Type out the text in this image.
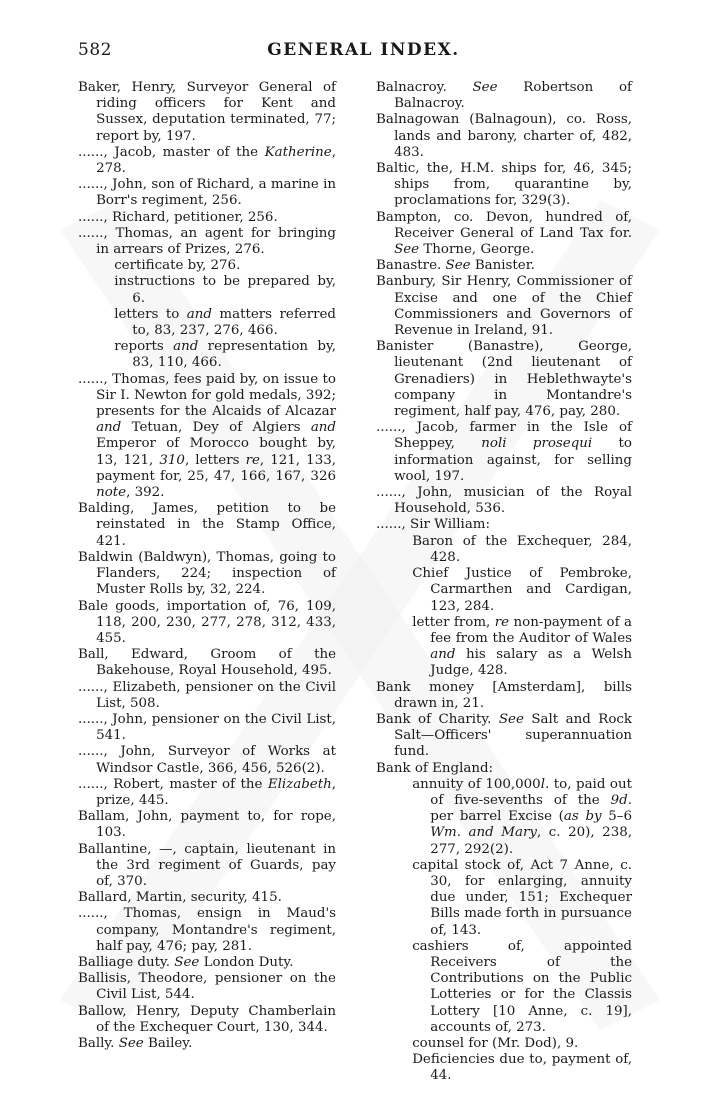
582	GENERAL INDEX.
Baker, Henry, Surveyor General of riding officers for Kent and Sussex, deputation terminated, 77; report by, 197.
......, Jacob, master of the Katherine, 278.
......, John, son of Richard, a marine in Borr's regiment, 256.
......, Richard, petitioner, 256.
......, Thomas, an agent for bringing in arrears of Prizes, 276.
certificate by, 276.
instructions to be prepared by, 6.
letters to and matters referred to, 83, 237, 276, 466.
reports and representation by, 83, 110, 466.
......, Thomas, fees paid by, on issue to Sir I. Newton for gold medals, 392; presents for the Alcaids of Alcazar and Tetuan, Dey of Algiers and Emperor of Morocco bought by, 13, 121, 310, letters re, 121, 133, payment for, 25, 47, 166, 167, 326 note, 392.
Balding, James, petition to be reinstated in the Stamp Office, 421.
Baldwin (Baldwyn), Thomas, going to Flanders, 224; inspection of Muster Rolls by, 32, 224.
Bale goods, importation of, 76, 109, 118, 200, 230, 277, 278, 312, 433, 455.
Ball, Edward, Groom of the Bakehouse, Royal Household, 495.
......, Elizabeth, pensioner on the Civil List, 508.
......, John, pensioner on the Civil List, 541.
......, John, Surveyor of Works at Windsor Castle, 366, 456, 526(2).
......, Robert, master of the Elizabeth, prize, 445.
Ballam, John, payment to, for rope, 103.
Ballantine, —, captain, lieutenant in the 3rd regiment of Guards, pay of, 370.
Ballard, Martin, security, 415.
......, Thomas, ensign in Maud's company, Montandre's regiment, half pay, 476; pay, 281.
Balliage duty. See London Duty.
Ballisis, Theodore, pensioner on the Civil List, 544.
Ballow, Henry, Deputy Chamberlain of the Exchequer Court, 130, 344.
Bally. See Bailey.
Balnacroy. See Robertson of Balnacroy.
Balnagowan (Balnagoun), co. Ross, lands and barony, charter of, 482, 483.
Baltic, the, H.M. ships for, 46, 345; ships from, quarantine by, proclamations for, 329(3).
Bampton, co. Devon, hundred of, Receiver General of Land Tax for. See Thorne, George.
Banastre. See Banister.
Banbury, Sir Henry, Commissioner of Excise and one of the Chief Commissioners and Governors of Revenue in Ireland, 91.
Banister (Banastre), George, lieutenant (2nd lieutenant of Grenadiers) in Heblethwayte's company in Montandre's regiment, half pay, 476, pay, 280.
......, Jacob, farmer in the Isle of Sheppey, noli prosequi to information against, for selling wool, 197.
......, John, musician of the Royal Household, 536.
......, Sir William:
Baron of the Exchequer, 284, 428.
Chief Justice of Pembroke, Carmarthen and Cardigan, 123, 284.
letter from, re non-payment of a fee from the Auditor of Wales and his salary as a Welsh Judge, 428.
Bank money [Amsterdam], bills drawn in, 21.
Bank of Charity. See Salt and Rock Salt—Officers' superannuation fund.
Bank of England:
annuity of 100,000l. to, paid out of five-sevenths of the 9d. per barrel Excise (as by 5–6 Wm. and Mary, c. 20), 238, 277, 292(2).
capital stock of, Act 7 Anne, c. 30, for enlarging, annuity due under, 151; Exchequer Bills made forth in pursuance of, 143.
cashiers of, appointed Receivers of the Contributions on the Public Lotteries or for the Classis Lottery [10 Anne, c. 19], accounts of, 273.
counsel for (Mr. Dod), 9.
Deficiencies due to, payment of, 44.
